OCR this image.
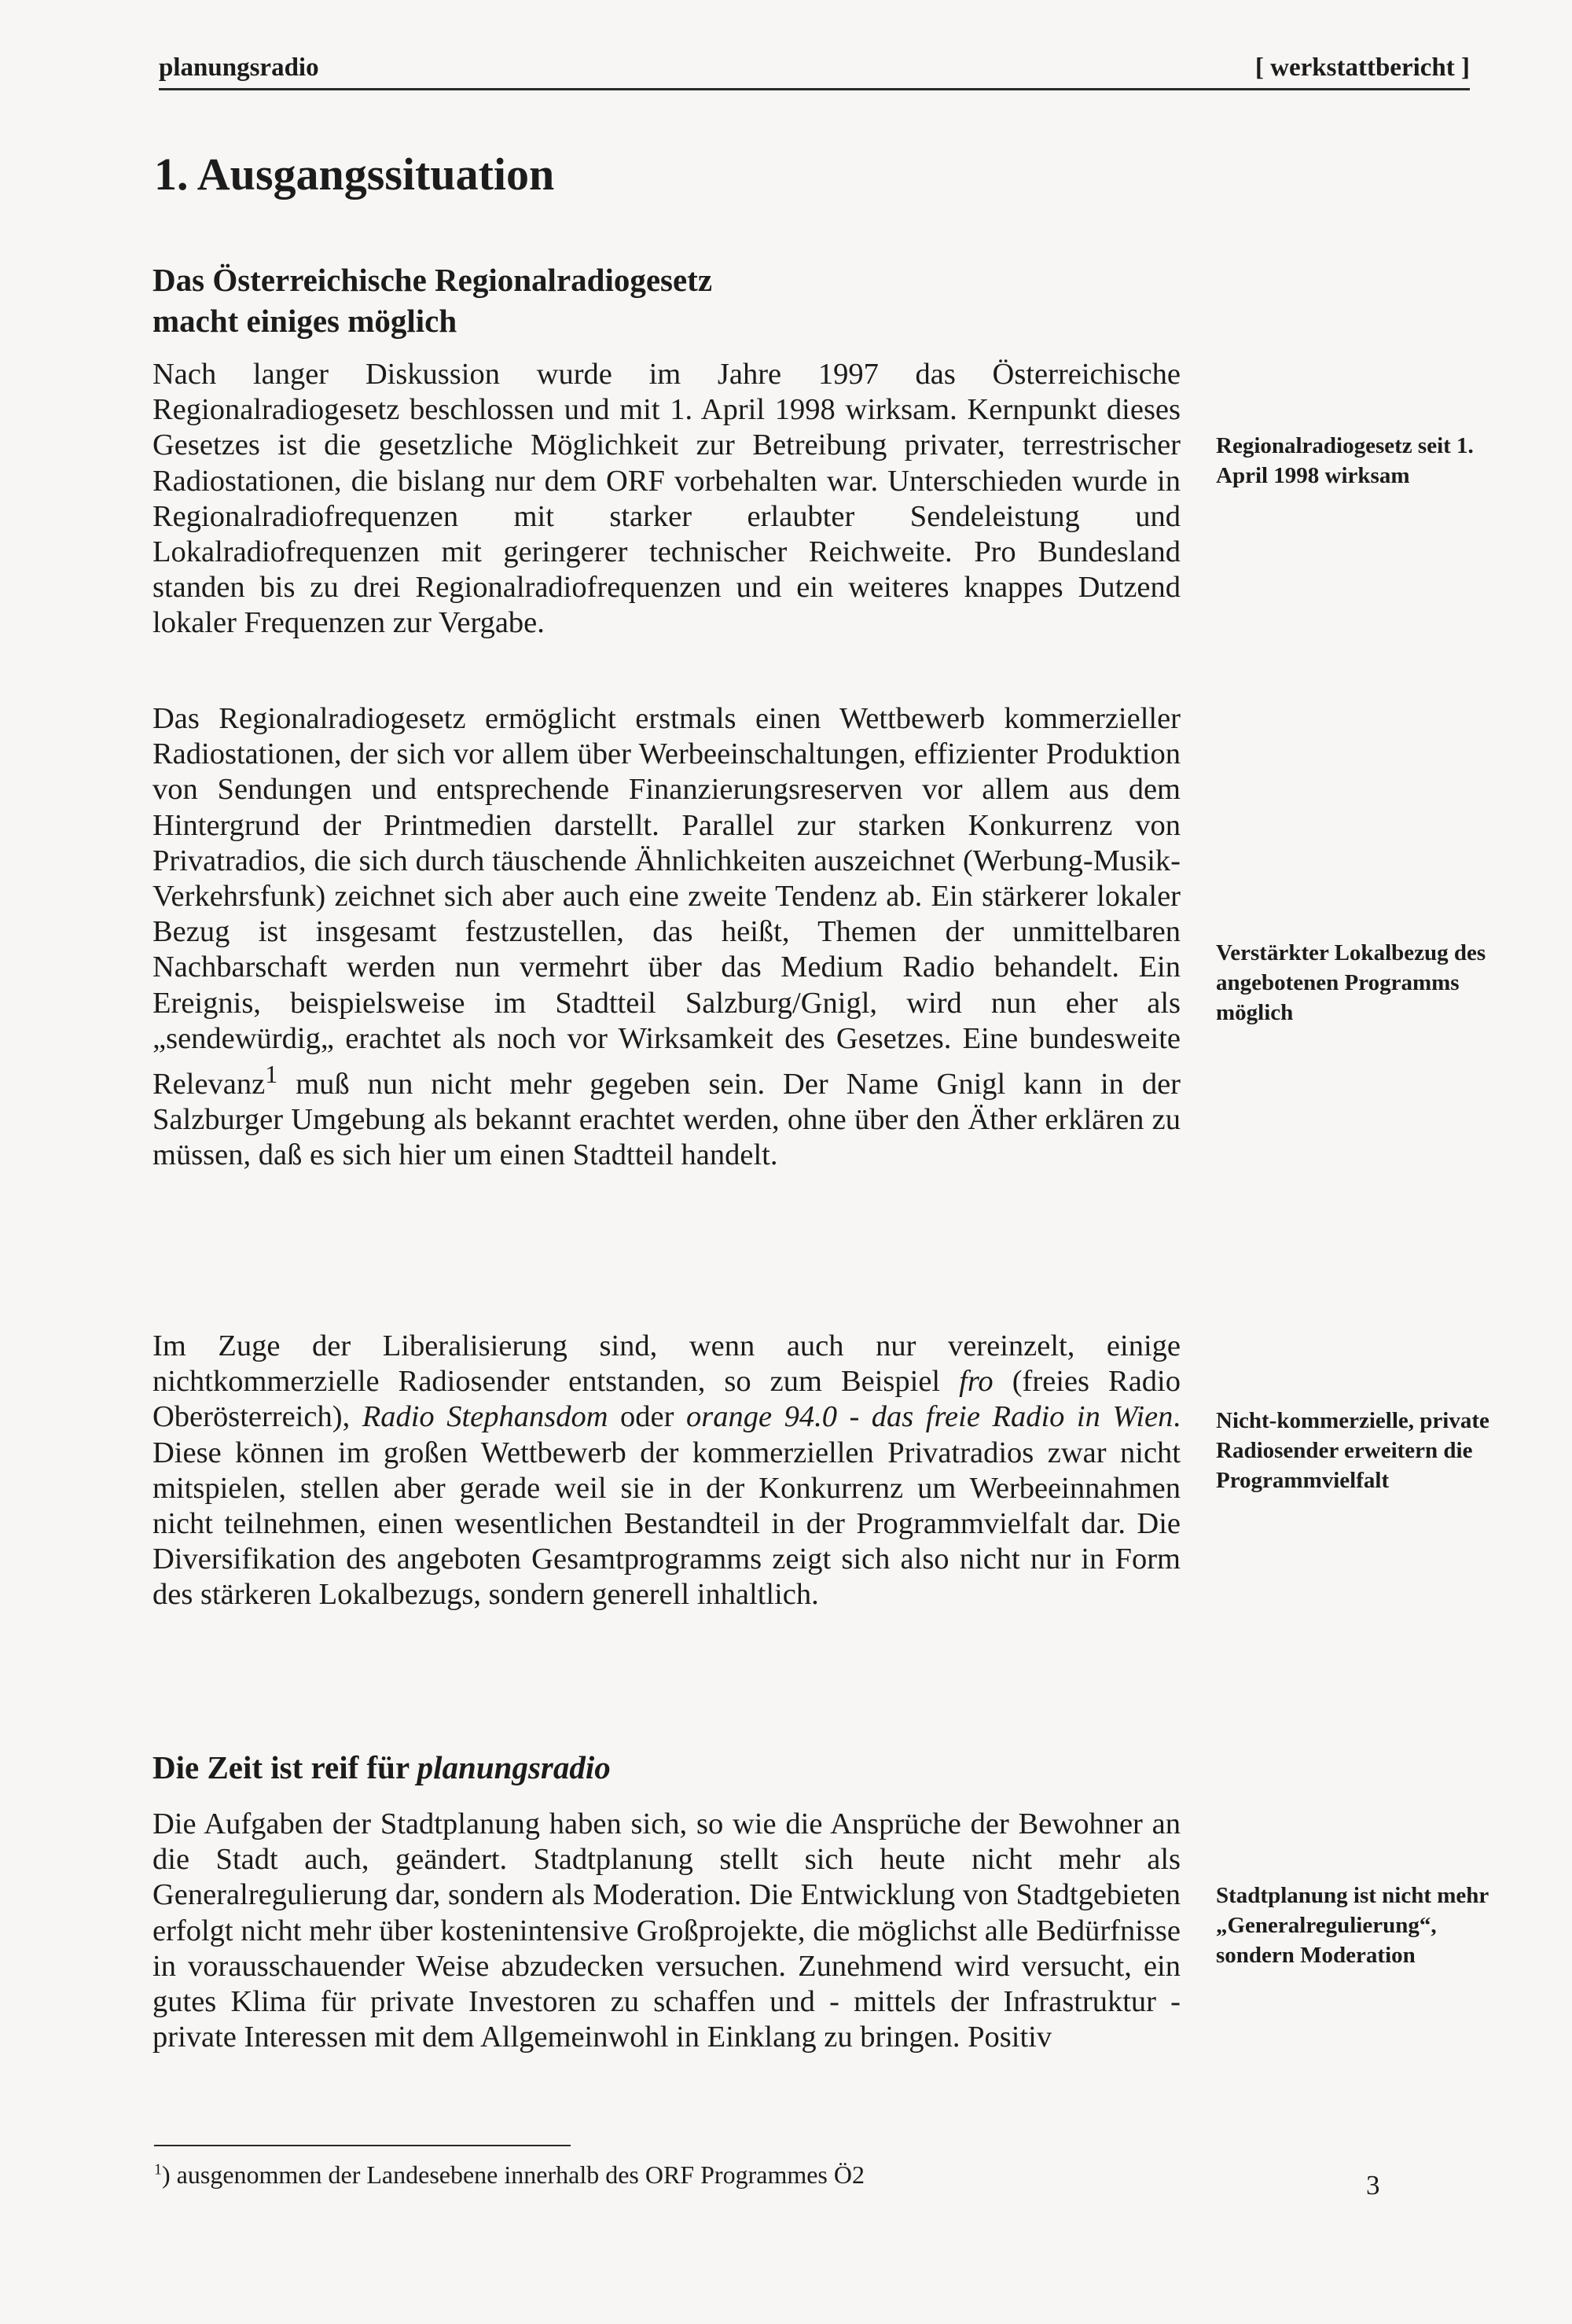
planungsradio	[ werkstattbericht ]
1. Ausgangssituation
Das Österreichische Regionalradiogesetz
macht einiges möglich

Nach langer Diskussion wurde im Jahre 1997 das Österreichische Regionalradiogesetz beschlossen und mit 1. April 1998 wirksam. Kernpunkt dieses Gesetzes ist die gesetzliche Möglichkeit zur Betreibung privater, terrestrischer Radiostationen, die bislang nur dem ORF vorbehalten war. Unterschieden wurde in Regionalradiofrequenzen mit starker erlaubter Sendeleistung und Lokalradiofrequenzen mit geringerer technischer Reichweite. Pro Bundesland standen bis zu drei Regionalradiofrequenzen und ein weiteres knappes Dutzend lokaler Frequenzen zur Vergabe.

Das Regionalradiogesetz ermöglicht erstmals einen Wettbewerb kommerzieller Radiostationen, der sich vor allem über Werbeeinschaltungen, effizienter Produktion von Sendungen und entsprechende Finanzierungsreserven vor allem aus dem Hintergrund der Printmedien darstellt. Parallel zur starken Konkurrenz von Privatradios, die sich durch täuschende Ähnlichkeiten auszeichnet (Werbung-Musik-Verkehrsfunk) zeichnet sich aber auch eine zweite Tendenz ab. Ein stärkerer lokaler Bezug ist insgesamt festzustellen, das heißt, Themen der unmittelbaren Nachbarschaft werden nun vermehrt über das Medium Radio behandelt. Ein Ereignis, beispielsweise im Stadtteil Salzburg/Gnigl, wird nun eher als „sendewürdig„ erachtet als noch vor Wirksamkeit des Gesetzes. Eine bundesweite Relevanz$^1$ muß nun nicht mehr gegeben sein. Der Name Gnigl kann in der Salzburger Umgebung als bekannt erachtet werden, ohne über den Äther erklären zu müssen, daß es sich hier um einen Stadtteil handelt.

Im Zuge der Liberalisierung sind, wenn auch nur vereinzelt, einige nichtkommerzielle Radiosender entstanden, so zum Beispiel fro (freies Radio Oberösterreich), Radio Stephansdom oder orange 94.0 - das freie Radio in Wien. Diese können im großen Wettbewerb der kommerziellen Privatradios zwar nicht mitspielen, stellen aber gerade weil sie in der Konkurrenz um Werbeeinnahmen nicht teilnehmen, einen wesentlichen Bestandteil in der Programmvielfalt dar. Die Diversifikation des angeboten Gesamtprogramms zeigt sich also nicht nur in Form des stärkeren Lokalbezugs, sondern generell inhaltlich.

Die Zeit ist reif für planungsradio

Die Aufgaben der Stadtplanung haben sich, so wie die Ansprüche der Bewohner an die Stadt auch, geändert. Stadtplanung stellt sich heute nicht mehr als Generalregulierung dar, sondern als Moderation. Die Entwicklung von Stadtgebieten erfolgt nicht mehr über kostenintensive Großprojekte, die möglichst alle Bedürfnisse in vorausschauender Weise abzudecken versuchen. Zunehmend wird versucht, ein gutes Klima für private Investoren zu schaffen und - mittels der Infrastruktur - private Interessen mit dem Allgemeinwohl in Einklang zu bringen. Positiv

Regionalradiogesetz seit 1. April 1998 wirksam

Verstärkter Lokalbezug des angebotenen Programms möglich

Nicht-kommerzielle, private Radiosender erweitern die Programmvielfalt

Stadtplanung ist nicht mehr „Generalregulierung“, sondern Moderation

$^1$) ausgenommen der Landesebene innerhalb des ORF Programmes Ö2	3
